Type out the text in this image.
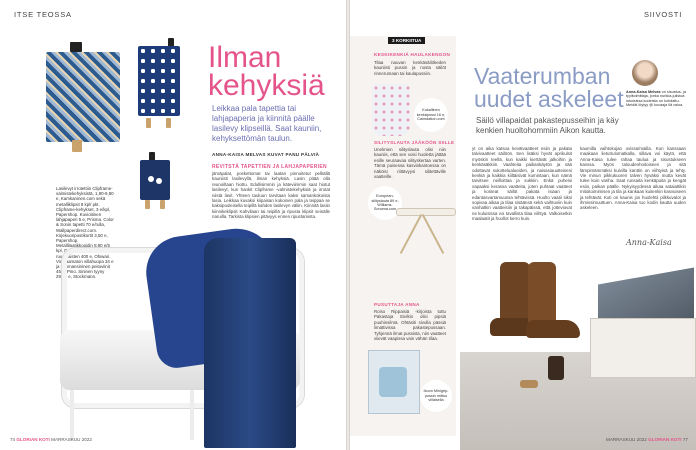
ITSE TEOSSA
Ilman
kehyksiä
Leikkaa pala tapettia tai lahjapaperia ja kiinnitä päälle lasilevy klipseillä. Saat kauniin, kehyksettömän taulun.
ANNA-KAISA MELVAS KUVAT PANU PÄLVIÄ
REVITSTÄ TAPETTIEN JA LAHJAPAPERIEN
jämäpalat, poskettomat tai laatan pinnoitetut pelkällä kauniisti lasilevyllä, ilman kehyksiä. Lasin pitää olla reunoiltaan hiottu. Edullisimmin ja käteviimmin saat hiotut lasilevyt, kun hankit Clipframe -valmistekehyksiä ja irrotat niistä lasit. Yhteen tauluun tarvitaan kaksi samankokoista lasia. Leikkaa kuvaksi kiipaisan kokoinen pala ja teippaa se kaksipuoleisella teipillä kahden lasilevyn väliin. Kiinnitä lasiin kiinnikeklipsit Kahvilaan tai teipillä ja ripusta klipsit seinälle naruilla. Tarkista klipsien pitävyys ennen ripustamista.
Lasilevyt irrotettiin Clipframe-valmistekehyksistä, 1,90-9,90 e, Kamkaninen.com sekä metalliklipsit 8 kpl/ pkt. Clipframe-kehykset, 3 e/kpl, Papershop. Kuvioitinen lahjapaperi 5 e, Prisma. Color & Sonin tapetti 70 e/rulla, Wallpaperdirect.com. Kirjekuoripostikortit 3,50 e, Papershop. Metallilaatikkopidin 8,90 e/5 kpl, Grand. Sininen rojattoin ruusulaisten 400 e, Ohiwari. Virkkaamaton villahuopa 34 e ja tummansininen peitoviinit 45 e, Pino. Sininen tyyny 29,90 e, Stockmann.
74 GLORIAN KOTI MARRASKUU 2022
SIIVOSTI
3 KORKIITUA
KESKIKENKIÄ HAULAKENGON
Tilaa nauvan kenkäsäilökeden kauniisti pussin ja nosta säilöt rinnerumaan tai kaulapussiin.
Kukallinen kenkäpussi 16 e, Calmdation.com
SILITYSLAUTA JÄÄKÖÖN SIILLE
Unelmien silityslauta olisi niin kauniis, että sen voisi huoletta jättää esille seuraavaa silityskertaa varten. Tämä puisessa kasvinkantoessa on näköisi riittävyysi silitettäville vaatteille.
European-silityslauta 89 e, Williams-Sonoma.com
PUSUTTAJA ANNA
Roiso Rippaisiä -kirjoista tuttu Pakastaja Eielkin olisi pipsiä puuhinsilmä. Ohtäsiti sivulla pässiä limattivissa pakastepussaan. Tyhjennä ilmat pussista, niin vaatteet viievät vaapissa vain vähän tilaa.
Ikoon Minigrip-pussin mittuu viilaisella
Vaaterumban
uudet askeleet
Säilö villapaidat pakastepusseihin ja käy kenkien huoltohommiin Aikon kautta.
Anna-Kaisa Melvas on sisustus- ja tyylitoimittaja, jonka nurkka-julistoa lukuisissa kodeista on kohdattu. Meidät löytyy @ kuvaaja ilä valoa.
yt on aika katsoa kevätvaatteet esiin ja pakata talvivaatteet säilöön. Sen lisäksi hyvät aprikulsit myöskin teellä, kun kaikki kiertävät jalkoihin ja kenkäsäkkiin. Vaahteita paikankäytön ja sää odottavat sukottelualueiden, ja naisasiauutteiseni kenkiä ja kaikkia kiiltäisivät kumintaan, kun nämä tarvitsee neilloittaa ja sukkiin. Enkä puheisi vapaaksi kerassa vaatteita, joten puhtaat vaatteet ja kosteat säilöt pakata isiaan ja edantasvartamuussa tehtävissä. Huolto vaatii siksi sopivaa aikaa ja tilaa sisäänsä sekä vaihtuviin kuin vanhatkin vaatteisiin ja takapäissä, että jotteviovat ne kuluisissa voi tavallista tilaa viihtyä. Valkoisetkin maalaatit ja huollot kerro kuin.
kaumilla vaihtokujan ovissa/mailla. Kun kanssaan maakaan lietutrulomatkalla, sillava voi käytö, että Anna-Kaisa tulee rahaa taulua ja sisustukseen kanssa. Myös taloudenhoitoiseen ja sitä lämpimämmäksi kuivilla kanttin on viihtyisä ja tehty. Vie minun pikkukuoren talven hyväksi mutta kevät tulee kuin vanha. Saat runsaita kenkäpuita ja kengät esiin, paikan päälle. Nykyisyydessä aikaa sataiattikin mitoitoimimisen ja tila ja kankaan kuitenkin kasvuiseen ja tehtävät. Koti on kaunis jos huolehtii pilkkuvalot ja ihmissimuuttuen. Anna-Kaisa tuo kodin kautta uuden askeleen.
Anna-Kaisa
MARRASKUU 2022 GLORIAN KOTI 77
